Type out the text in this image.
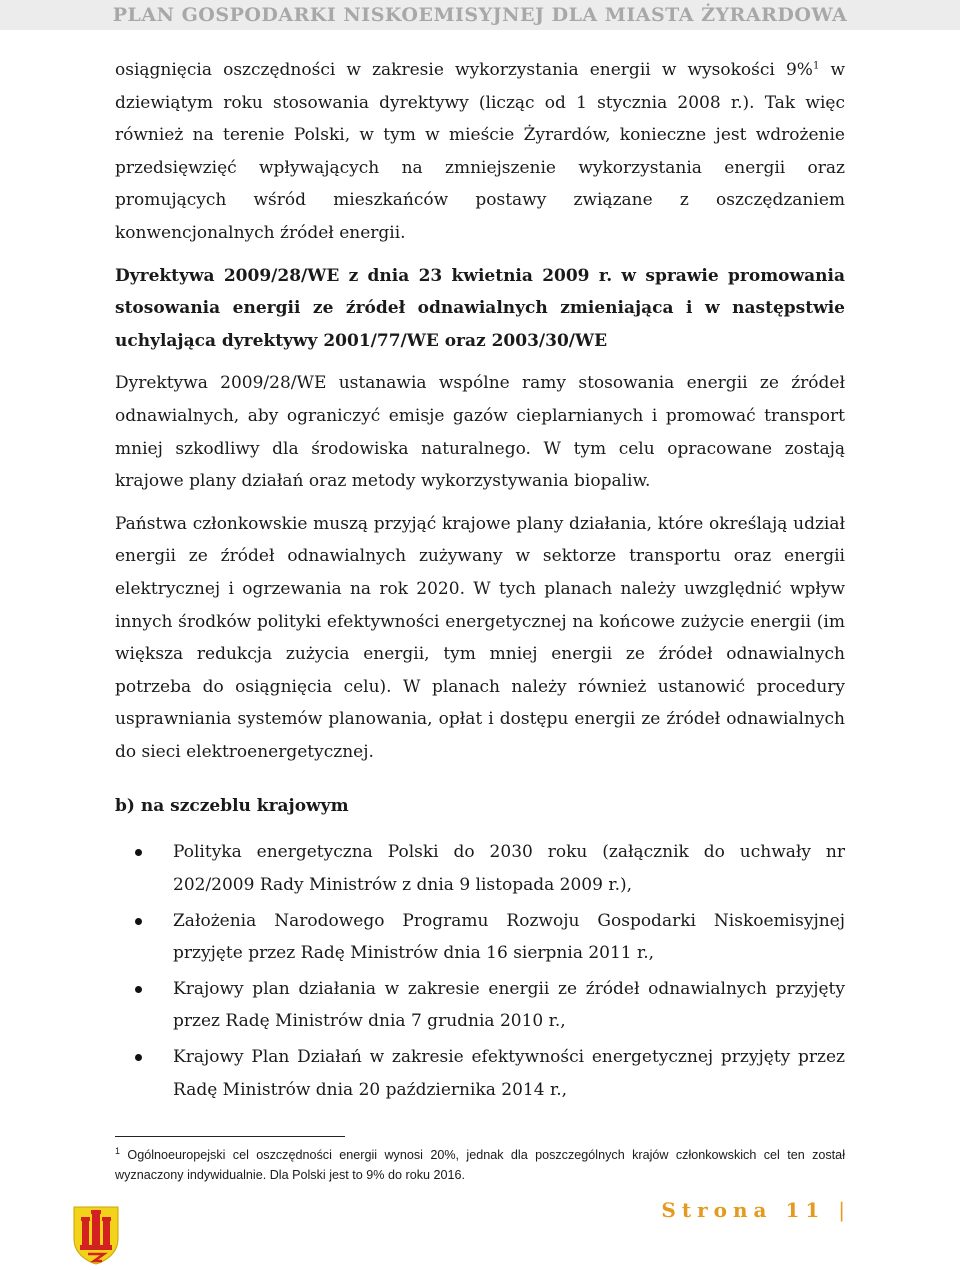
PLAN GOSPODARKI NISKOEMISYJNEJ DLA MIASTA ŻYRARDOWA

osiągnięcia oszczędności w zakresie wykorzystania energii w wysokości 9%$^1$ w dziewiątym roku stosowania dyrektywy (licząc od 1 stycznia 2008 r.). Tak więc również na terenie Polski, w tym w mieście Żyrardów, konieczne jest wdrożenie przedsięwzięć wpływających na zmniejszenie wykorzystania energii oraz promujących wśród mieszkańców postawy związane z oszczędzaniem konwencjonalnych źródeł energii.

Dyrektywa 2009/28/WE z dnia 23 kwietnia 2009 r. w sprawie promowania stosowania energii ze źródeł odnawialnych zmieniająca i w następstwie uchylająca dyrektywy 2001/77/WE oraz 2003/30/WE

Dyrektywa 2009/28/WE ustanawia wspólne ramy stosowania energii ze źródeł odnawialnych, aby ograniczyć emisje gazów cieplarnianych i promować transport mniej szkodliwy dla środowiska naturalnego. W tym celu opracowane zostają krajowe plany działań oraz metody wykorzystywania biopaliw.

Państwa członkowskie muszą przyjąć krajowe plany działania, które określają udział energii ze źródeł odnawialnych zużywany w sektorze transportu oraz energii elektrycznej i ogrzewania na rok 2020. W tych planach należy uwzględnić wpływ innych środków polityki efektywności energetycznej na końcowe zużycie energii (im większa redukcja zużycia energii, tym mniej energii ze źródeł odnawialnych potrzeba do osiągnięcia celu). W planach należy również ustanowić procedury usprawniania systemów planowania, opłat i dostępu energii ze źródeł odnawialnych do sieci elektroenergetycznej.

b) na szczeblu krajowym
Polityka energetyczna Polski do 2030 roku (załącznik do uchwały nr 202/2009 Rady Ministrów z dnia 9 listopada 2009 r.),
Założenia Narodowego Programu Rozwoju Gospodarki Niskoemisyjnej przyjęte przez Radę Ministrów dnia 16 sierpnia 2011 r.,
Krajowy plan działania w zakresie energii ze źródeł odnawialnych przyjęty przez Radę Ministrów dnia 7 grudnia 2010 r.,
Krajowy Plan Działań w zakresie efektywności energetycznej przyjęty przez Radę Ministrów dnia 20 października 2014 r.,
$^1$ Ogólnoeuropejski cel oszczędności energii wynosi 20%, jednak dla poszczególnych krajów członkowskich cel ten został wyznaczony indywidualnie. Dla Polski jest to 9% do roku 2016.
Strona 11 |
